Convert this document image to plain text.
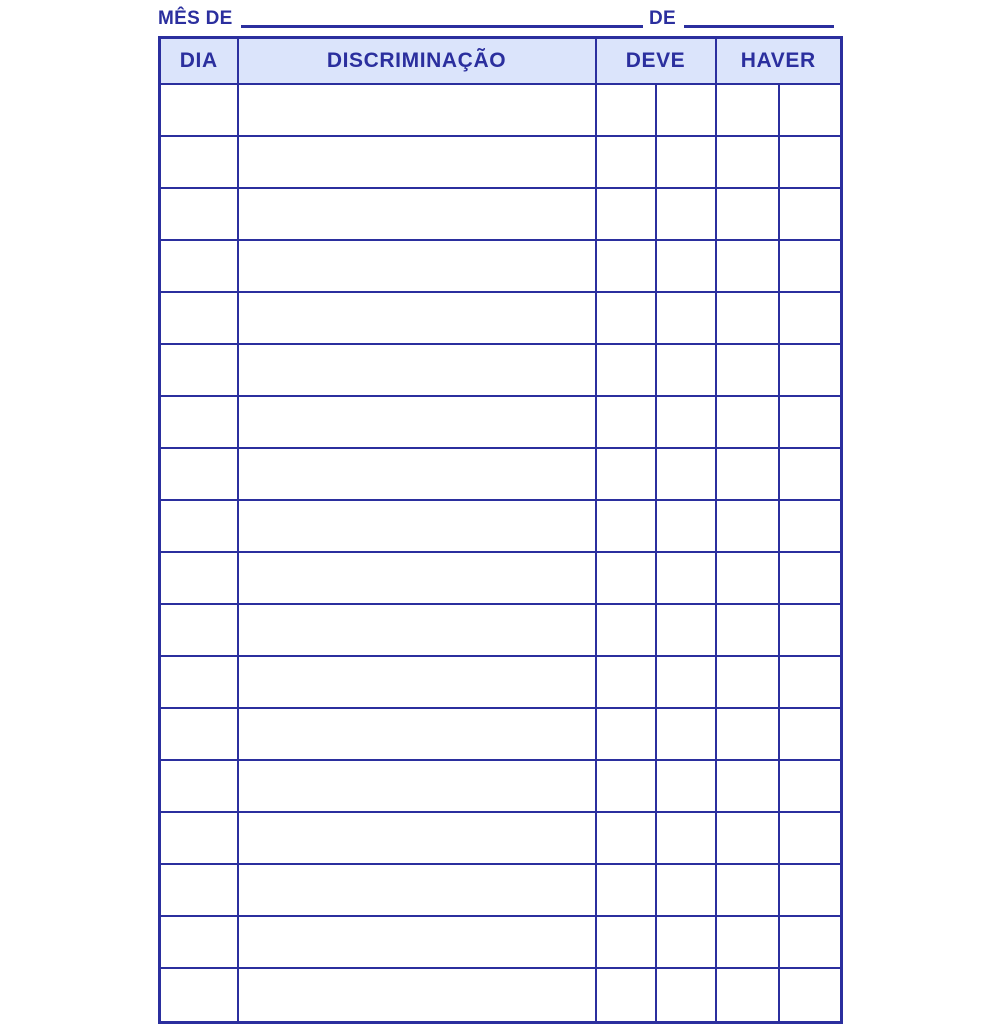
MÊS DE	DE
DIA	DISCRIMINAÇÃO	DEVE		HAVER	
